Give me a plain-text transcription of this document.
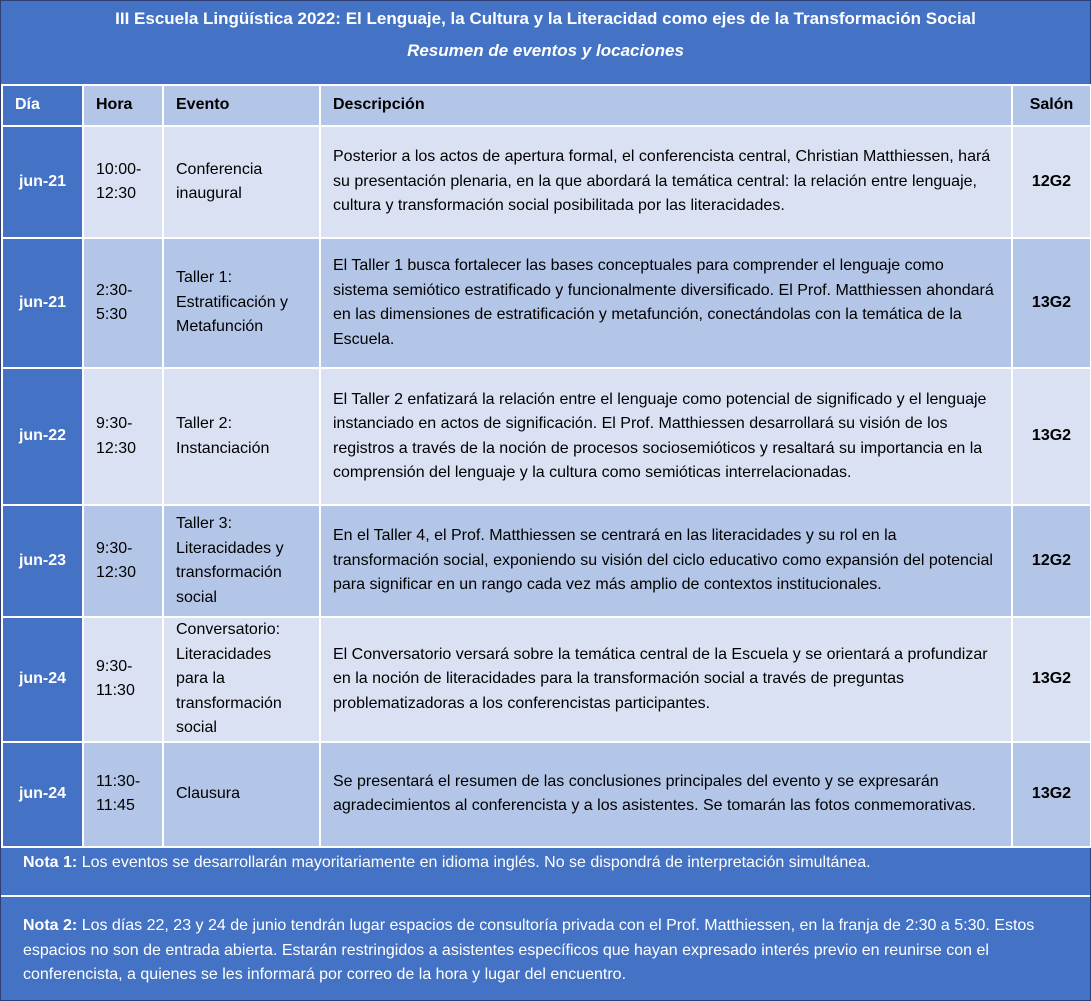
III Escuela Lingüística 2022: El Lenguaje, la Cultura y la Literacidad como ejes de la Transformación Social
Resumen de eventos y locaciones
Día	Hora	Evento	Descripción	Salón
jun-21	10:00-12:30	Conferencia inaugural	Posterior a los actos de apertura formal, el conferencista central, Christian Matthiessen, hará su presentación plenaria, en la que abordará la temática central: la relación entre lenguaje, cultura y transformación social posibilitada por las literacidades.	12G2
jun-21	2:30-5:30	Taller 1: Estratificación y Metafunción	El Taller 1 busca fortalecer las bases conceptuales para comprender el lenguaje como sistema semiótico estratificado y funcionalmente diversificado. El Prof. Matthiessen ahondará en las dimensiones de estratificación y metafunción, conectándolas con la temática de la Escuela.	13G2
jun-22	9:30-12:30	Taller 2: Instanciación	El Taller 2 enfatizará la relación entre el lenguaje como potencial de significado y el lenguaje instanciado en actos de significación. El Prof. Matthiessen desarrollará su visión de los registros a través de la noción de procesos sociosemióticos y resaltará su importancia en la comprensión del lenguaje y la cultura como semióticas interrelacionadas.	13G2
jun-23	9:30-12:30	Taller 3: Literacidades y transformación social	En el Taller 4, el Prof. Matthiessen se centrará en las literacidades y su rol en la transformación social, exponiendo su visión del ciclo educativo como expansión del potencial para significar en un rango cada vez más amplio de contextos institucionales.	12G2
jun-24	9:30-11:30	Conversatorio: Literacidades para la transformación social	El Conversatorio versará sobre la temática central de la Escuela y se orientará a profundizar en la noción de literacidades para la transformación social a través de preguntas problematizadoras a los conferencistas participantes.	13G2
jun-24	11:30-11:45	Clausura	Se presentará el resumen de las conclusiones principales del evento y se expresarán agradecimientos al conferencista y a los asistentes. Se tomarán las fotos conmemorativas.	13G2
Nota 1: Los eventos se desarrollarán mayoritariamente en idioma inglés. No se dispondrá de interpretación simultánea.
Nota 2: Los días 22, 23 y 24 de junio tendrán lugar espacios de consultoría privada con el Prof. Matthiessen, en la franja de 2:30 a 5:30. Estos espacios no son de entrada abierta. Estarán restringidos a asistentes específicos que hayan expresado interés previo en reunirse con el conferencista, a quienes se les informará por correo de la hora y lugar del encuentro.
